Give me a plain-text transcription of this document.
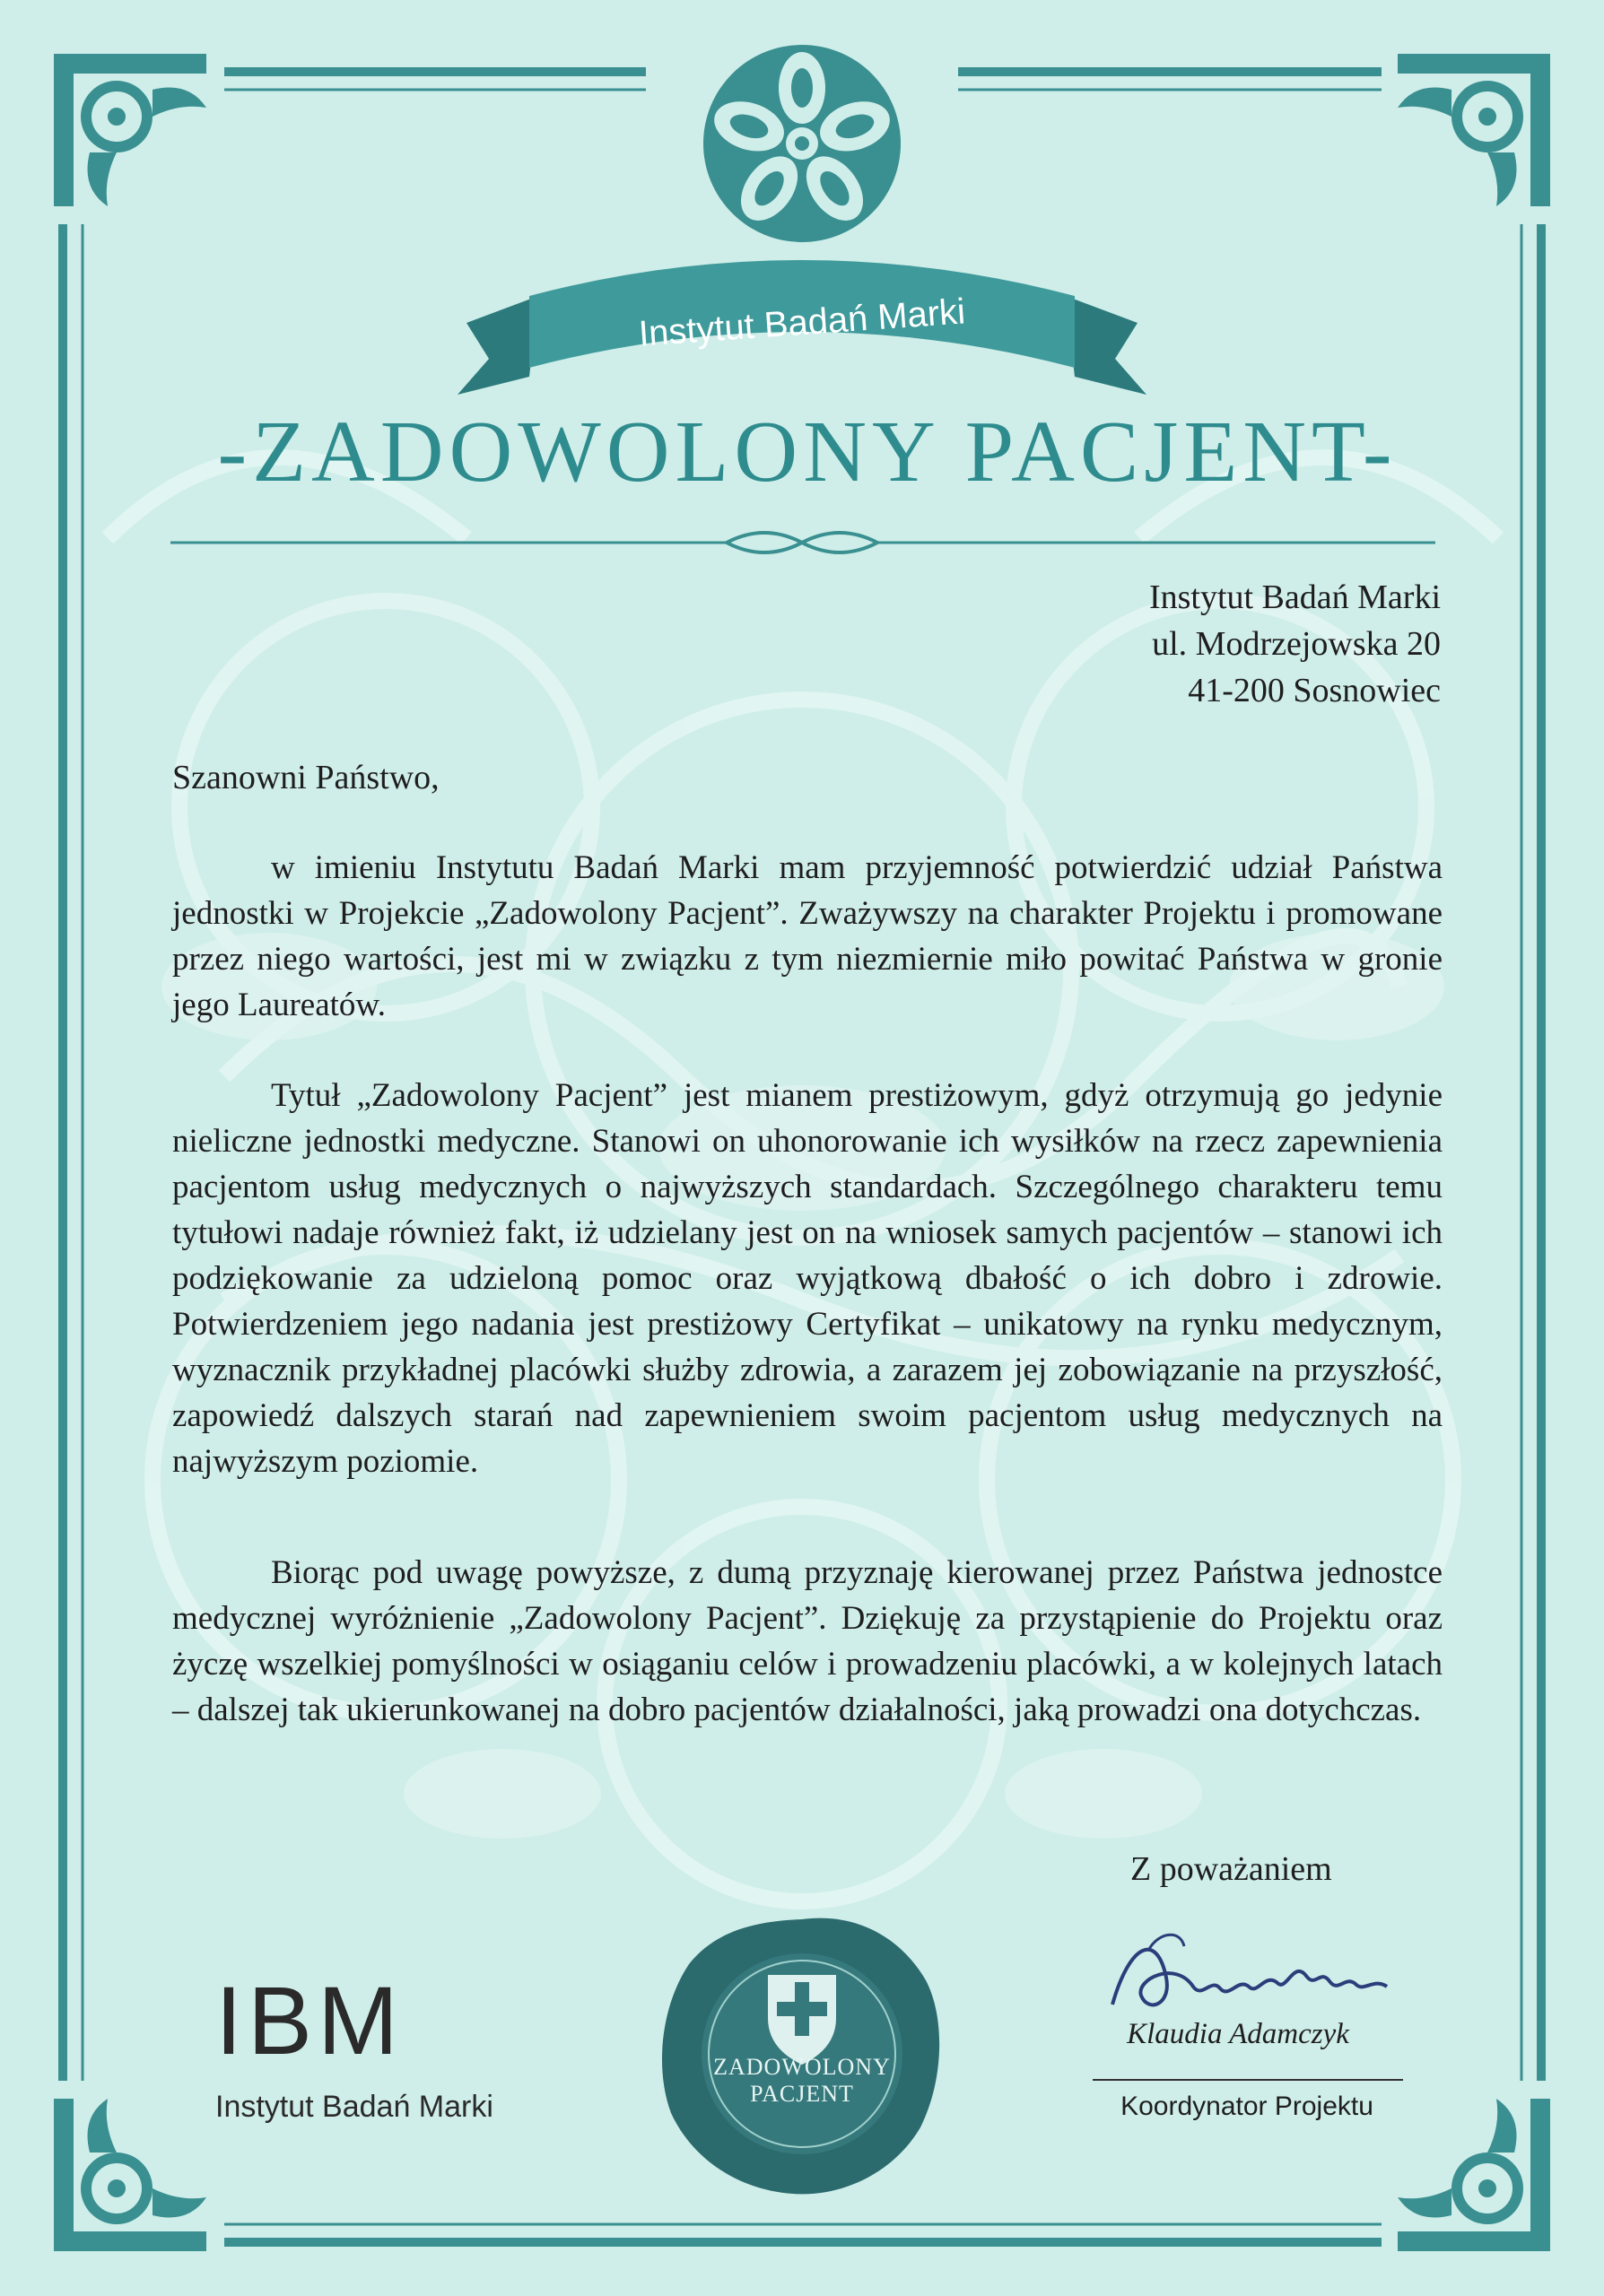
Instytut Badań Marki
-ZADOWOLONY PACJENT-
Instytut Badań Marki
ul. Modrzejowska 20
41-200 Sosnowiec
Szanowni Państwo,
w imieniu Instytutu Badań Marki mam przyjemność potwierdzić udział Państwa jednostki w Projekcie „Zadowolony Pacjent”. Zważywszy na charakter Projektu i promowane przez niego wartości, jest mi w związku z tym niezmiernie miło powitać Państwa w gronie jego Laureatów.
Tytuł „Zadowolony Pacjent” jest mianem prestiżowym, gdyż otrzymują go jedynie nieliczne jednostki medyczne. Stanowi on uhonorowanie ich wysiłków na rzecz zapewnienia pacjentom usług medycznych o najwyższych standardach. Szczególnego charakteru temu tytułowi nadaje również fakt, iż udzielany jest on na wniosek samych pacjentów – stanowi ich podziękowanie za udzieloną pomoc oraz wyjątkową dbałość o ich dobro i zdrowie. Potwierdzeniem jego nadania jest prestiżowy Certyfikat – unikatowy na rynku medycznym, wyznacznik przykładnej placówki służby zdrowia, a zarazem jej zobowiązanie na przyszłość, zapowiedź dalszych starań nad zapewnieniem swoim pacjentom usług medycznych na najwyższym poziomie.
Biorąc pod uwagę powyższe, z dumą przyznaję kierowanej przez Państwa jednostce medycznej wyróżnienie „Zadowolony Pacjent”. Dziękuję za przystąpienie do Projektu oraz życzę wszelkiej pomyślności w osiąganiu celów i prowadzeniu placówki, a w kolejnych latach – dalszej tak ukierunkowanej na dobro pacjentów działalności, jaką prowadzi ona dotychczas.
Z poważaniem
Klaudia Adamczyk
Koordynator Projektu
IBM
Instytut Badań Marki
ZADOWOLONY
PACJENT
